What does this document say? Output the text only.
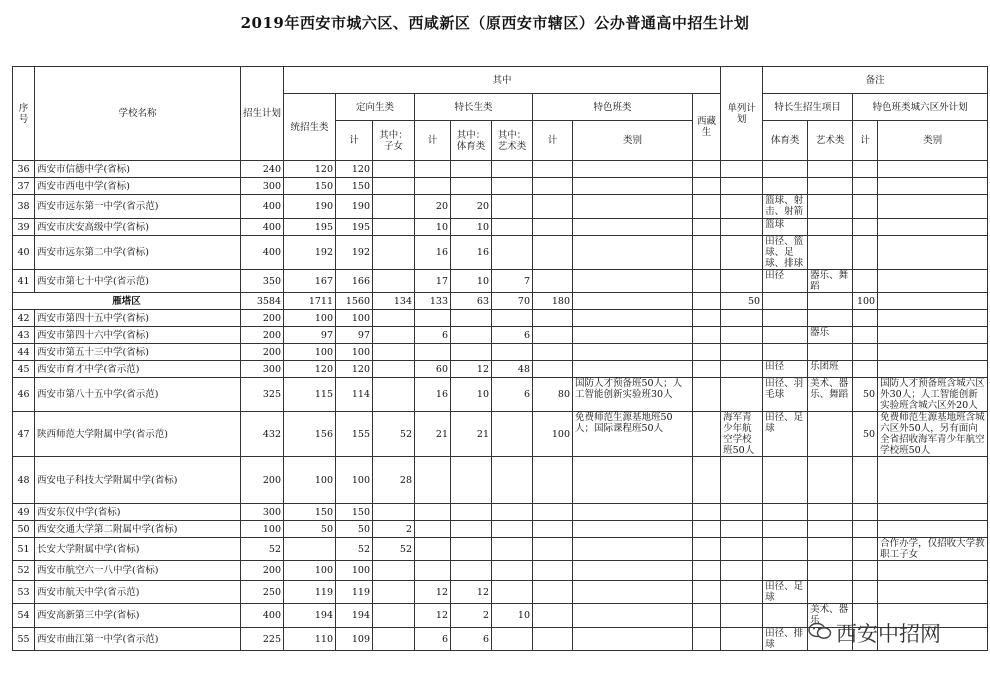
2019年西安市城六区、西咸新区（原西安市辖区）公办普通高中招生计划
序号	学校名称	招生计划	其中									单列计划	备注			
			统招生类	定向生类		特长生类			特色班类		西藏生		特长生招生项目		特色班类城六区外计划	
				计	其中：子女	计	其中：体育类	其中：艺术类	计	类别			体育类	艺术类	计	类别
36	西安市信德中学(省标)	240	120	120												
37	西安市西电中学(省标)	300	150	150												
38	西安市远东第一中学(省示范)	400	190	190		20	20						篮球、射击、射箭			
39	西安市庆安高级中学(省标)	400	195	195		10	10						篮球			
40	西安市远东第二中学(省标)	400	192	192		16	16						田径、篮球、足球、排球			
41	西安市第七十中学(省示范)	350	167	166		17	10	7					田径	器乐、舞蹈		
雁塔区		3584	1711	1560	134	133	63	70	180			50			100	
42	西安市第四十五中学(省标)	200	100	100												
43	西安市第四十六中学(省标)	200	97	97		6		6						器乐		
44	西安市第五十三中学(省标)	200	100	100												
45	西安市育才中学(省示范)	300	120	120		60	12	48					田径	乐团班		
46	西安市第八十五中学(省示范)	325	115	114		16	10	6	80	国防人才预备班50人；人工智能创新实验班30人			田径、羽毛球	美术、器乐、舞蹈	50	国防人才预备班含城六区外30人；人工智能创新实验班含城六区外20人
47	陕西师范大学附属中学(省示范)	432	156	155	52	21	21		100	免费师范生源基地班50人；国际课程班50人		海军青少年航空学校班50人	田径、足球		50	免费师范生源基地班含城六区外50人，另有面向全省招收海军青少年航空学校班50人
48	西安电子科技大学附属中学(省标)	200	100	100	28											
49	西安东仪中学(省标)	300	150	150												
50	西安交通大学第二附属中学(省标)	100	50	50	2											
51	长安大学附属中学(省标)	52		52	52											合作办学，仅招收大学教职工子女
52	西安市航空六一八中学(省标)	200	100	100												
53	西安市航天中学(省示范)	250	119	119		12	12						田径、足球			
54	西安高新第三中学(省标)	400	194	194		12	2	10						美术、器乐		
55	西安市曲江第一中学(省示范)	225	110	109		6	6						田径、排球				西安中招网
